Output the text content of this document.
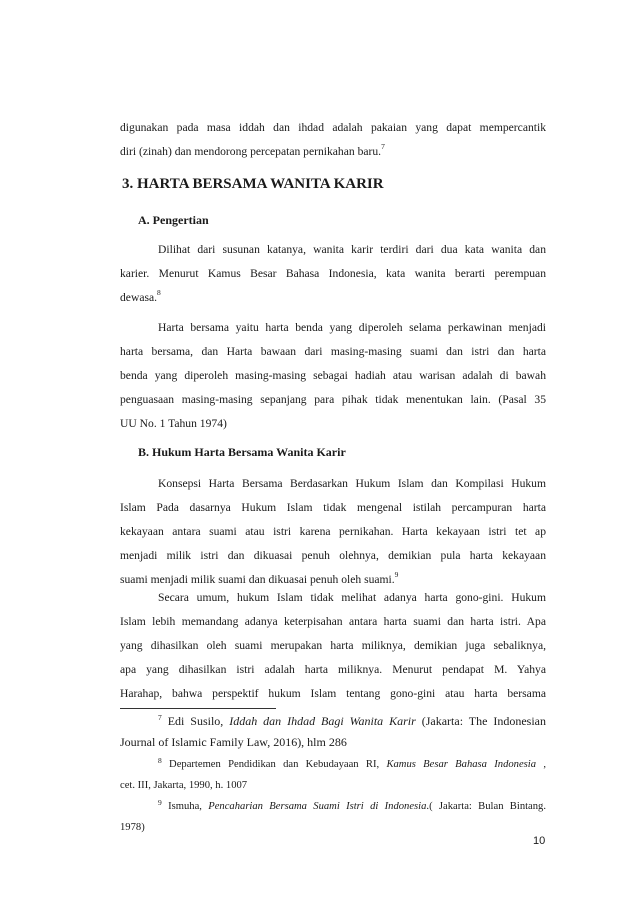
digunakan pada masa iddah dan ihdad adalah pakaian yang dapat mempercantik
diri (zinah) dan mendorong percepatan pernikahan baru.$^7$
3. HARTA BERSAMA WANITA KARIR
A. Pengertian
Dilihat dari susunan katanya, wanita karir terdiri dari dua kata wanita dan
karier. Menurut Kamus Besar Bahasa Indonesia, kata wanita berarti perempuan
dewasa.$^8$
Harta bersama yaitu harta benda yang diperoleh selama perkawinan menjadi
harta bersama, dan Harta bawaan dari masing-masing suami dan istri dan harta
benda yang diperoleh masing-masing sebagai hadiah atau warisan adalah di bawah
penguasaan masing-masing sepanjang para pihak tidak menentukan lain. (Pasal 35
UU No. 1 Tahun 1974)
B. Hukum Harta Bersama Wanita Karir
Konsepsi Harta Bersama Berdasarkan Hukum Islam dan Kompilasi Hukum
Islam Pada dasarnya Hukum Islam tidak mengenal istilah percampuran harta
kekayaan antara suami atau istri karena pernikahan. Harta kekayaan istri tet ap
menjadi milik istri dan dikuasai penuh olehnya, demikian pula harta kekayaan
suami menjadi milik suami dan dikuasai penuh oleh suami.$^9$
Secara umum, hukum Islam tidak melihat adanya harta gono-gini. Hukum
Islam lebih memandang adanya keterpisahan antara harta suami dan harta istri. Apa
yang dihasilkan oleh suami merupakan harta miliknya, demikian juga sebaliknya,
apa yang dihasilkan istri adalah harta miliknya. Menurut pendapat M. Yahya
Harahap, bahwa perspektif hukum Islam tentang gono-gini atau harta bersama
$^7$ Edi Susilo, Iddah dan Ihdad Bagi Wanita Karir (Jakarta: The Indonesian
Journal of Islamic Family Law, 2016), hlm 286
$^8$ Departemen Pendidikan dan Kebudayaan RI, Kamus Besar Bahasa Indonesia ,
cet. III, Jakarta, 1990, h. 1007
$^9$ Ismuha, Pencaharian Bersama Suami Istri di Indonesia.( Jakarta: Bulan Bintang.
1978)
10
